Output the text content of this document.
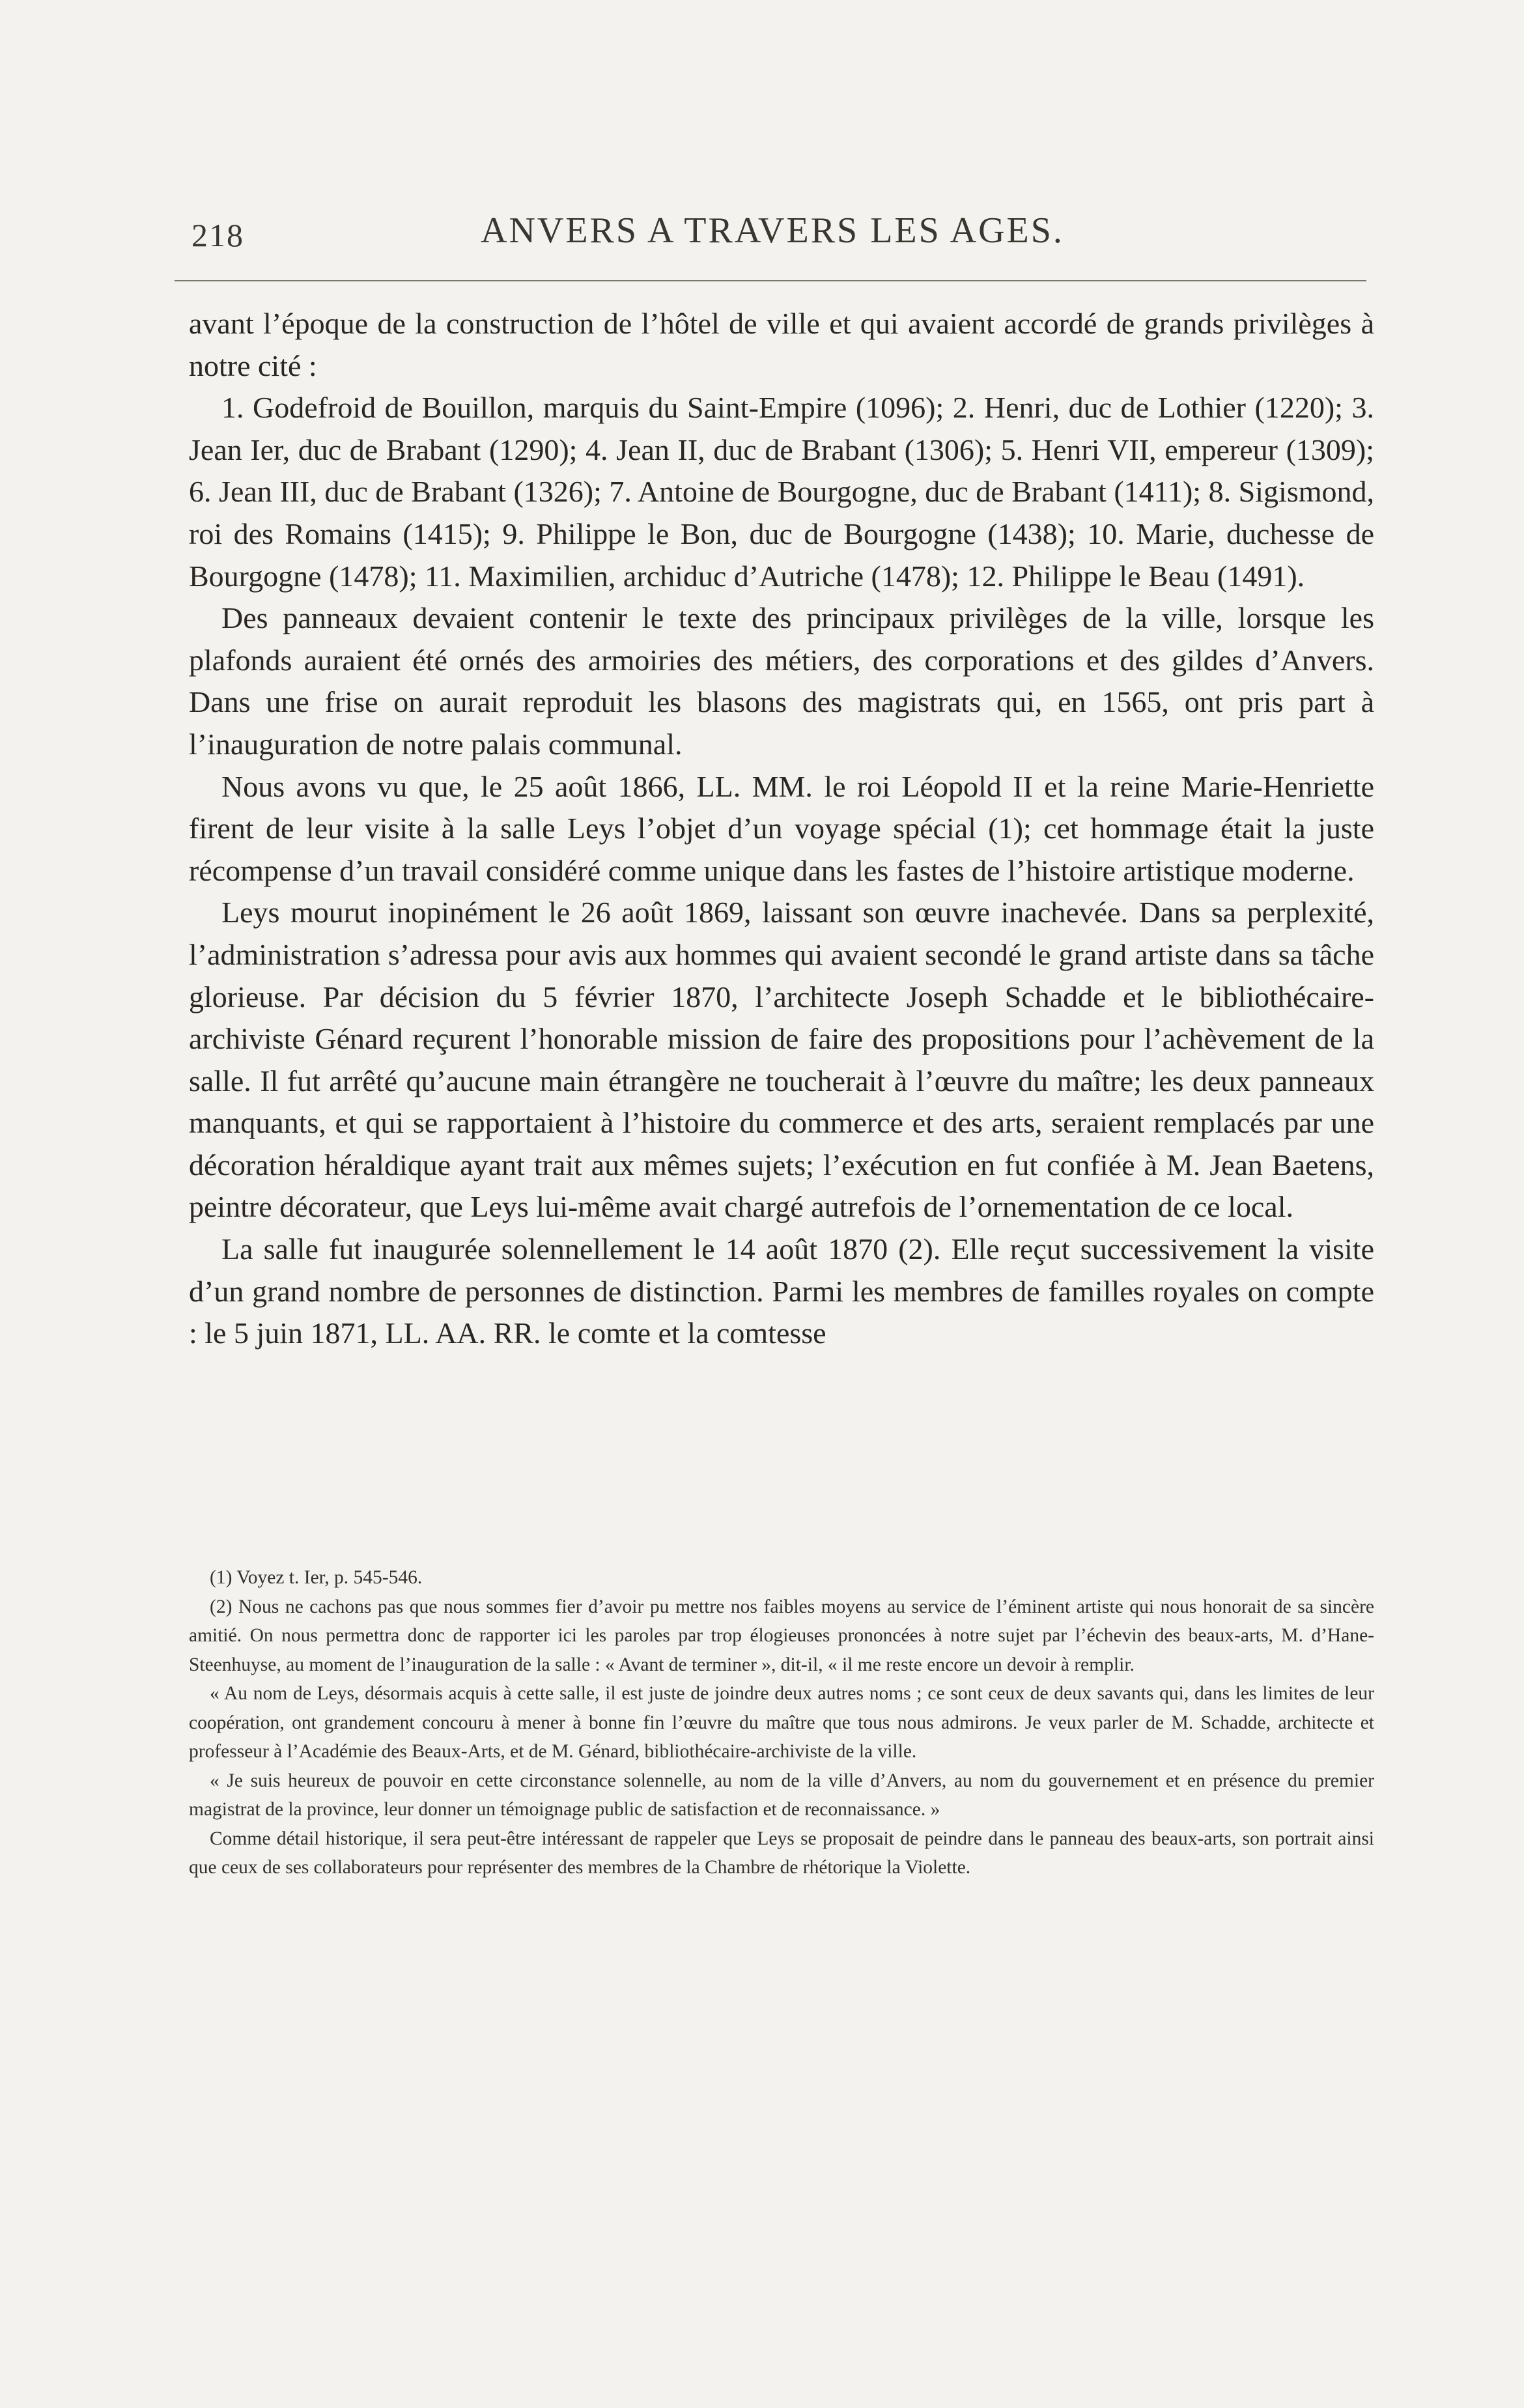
218	ANVERS A TRAVERS LES AGES.

avant l’époque de la construction de l’hôtel de ville et qui avaient accordé de grands privilèges à notre cité :

1. Godefroid de Bouillon, marquis du Saint-Empire (1096); 2. Henri, duc de Lothier (1220); 3. Jean Ier, duc de Brabant (1290); 4. Jean II, duc de Brabant (1306); 5. Henri VII, empereur (1309); 6. Jean III, duc de Brabant (1326); 7. Antoine de Bourgogne, duc de Brabant (1411); 8. Sigismond, roi des Romains (1415); 9. Philippe le Bon, duc de Bourgogne (1438); 10. Marie, duchesse de Bourgogne (1478); 11. Maximilien, archiduc d’Autriche (1478); 12. Philippe le Beau (1491).

Des panneaux devaient contenir le texte des principaux privilèges de la ville, lorsque les plafonds auraient été ornés des armoiries des métiers, des corporations et des gildes d’Anvers. Dans une frise on aurait reproduit les blasons des magistrats qui, en 1565, ont pris part à l’inauguration de notre palais communal.

Nous avons vu que, le 25 août 1866, LL. MM. le roi Léopold II et la reine Marie-Henriette firent de leur visite à la salle Leys l’objet d’un voyage spécial (1); cet hommage était la juste récompense d’un travail considéré comme unique dans les fastes de l’histoire artistique moderne.

Leys mourut inopinément le 26 août 1869, laissant son œuvre inachevée. Dans sa perplexité, l’administration s’adressa pour avis aux hommes qui avaient secondé le grand artiste dans sa tâche glorieuse. Par décision du 5 février 1870, l’architecte Joseph Schadde et le bibliothécaire-archiviste Génard reçurent l’honorable mission de faire des propositions pour l’achèvement de la salle. Il fut arrêté qu’aucune main étrangère ne toucherait à l’œuvre du maître; les deux panneaux manquants, et qui se rapportaient à l’histoire du commerce et des arts, seraient remplacés par une décoration héraldique ayant trait aux mêmes sujets; l’exécution en fut confiée à M. Jean Baetens, peintre décorateur, que Leys lui-même avait chargé autrefois de l’ornementation de ce local.

La salle fut inaugurée solennellement le 14 août 1870 (2). Elle reçut successivement la visite d’un grand nombre de personnes de distinction. Parmi les membres de familles royales on compte : le 5 juin 1871, LL. AA. RR. le comte et la comtesse

(1) Voyez t. Ier, p. 545-546.

(2) Nous ne cachons pas que nous sommes fier d’avoir pu mettre nos faibles moyens au service de l’éminent artiste qui nous honorait de sa sincère amitié. On nous permettra donc de rapporter ici les paroles par trop élogieuses prononcées à notre sujet par l’échevin des beaux-arts, M. d’Hane-Steenhuyse, au moment de l’inauguration de la salle : « Avant de terminer », dit-il, « il me reste encore un devoir à remplir.

« Au nom de Leys, désormais acquis à cette salle, il est juste de joindre deux autres noms ; ce sont ceux de deux savants qui, dans les limites de leur coopération, ont grandement concouru à mener à bonne fin l’œuvre du maître que tous nous admirons. Je veux parler de M. Schadde, architecte et professeur à l’Académie des Beaux-Arts, et de M. Génard, bibliothécaire-archiviste de la ville.

« Je suis heureux de pouvoir en cette circonstance solennelle, au nom de la ville d’Anvers, au nom du gouvernement et en présence du premier magistrat de la province, leur donner un témoignage public de satisfaction et de reconnaissance. »

Comme détail historique, il sera peut-être intéressant de rappeler que Leys se proposait de peindre dans le panneau des beaux-arts, son portrait ainsi que ceux de ses collaborateurs pour représenter des membres de la Chambre de rhétorique la Violette.
